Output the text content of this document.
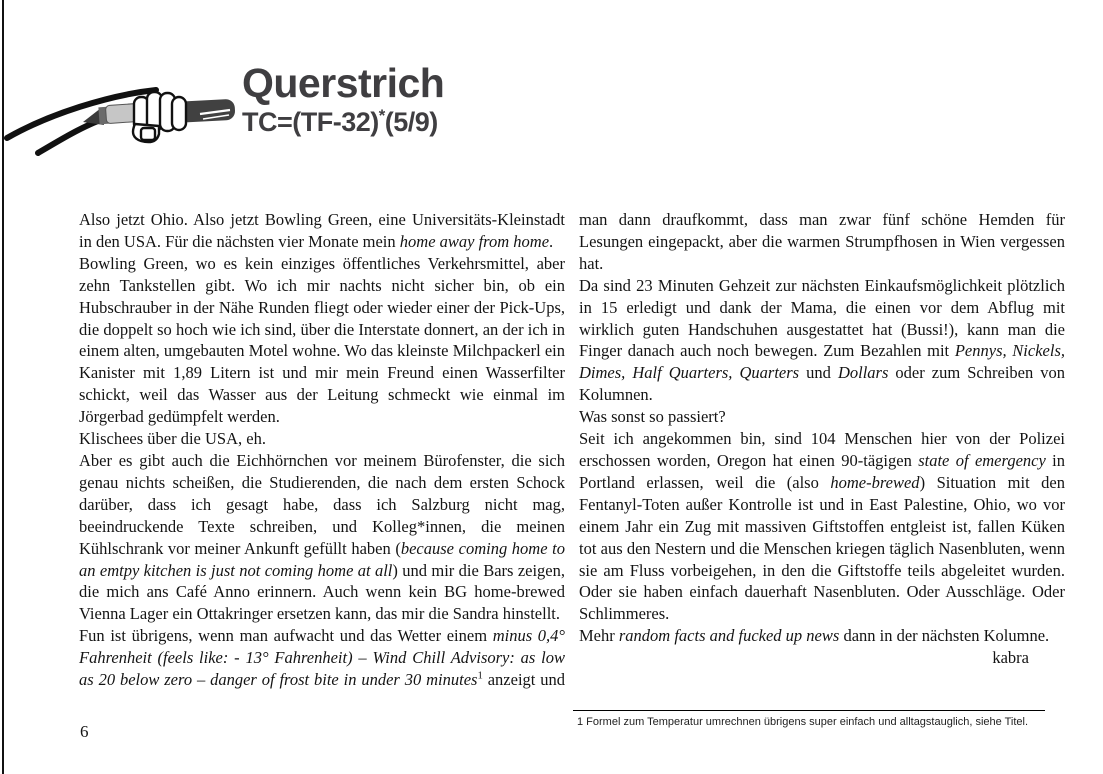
Querstrich
TC=(TF-32)*(5/9)

Also jetzt Ohio. Also jetzt Bowling Green, eine Universitäts-Kleinstadt in den USA. Für die nächsten vier Monate mein home away from home.

Bowling Green, wo es kein einziges öffentliches Verkehrsmittel, aber zehn Tankstellen gibt. Wo ich mir nachts nicht sicher bin, ob ein Hubschrauber in der Nähe Runden fliegt oder wieder einer der Pick-Ups, die doppelt so hoch wie ich sind, über die Interstate donnert, an der ich in einem alten, umgebauten Motel wohne. Wo das kleinste Milchpackerl ein Kanister mit 1,89 Litern ist und mir mein Freund einen Wasserfilter schickt, weil das Wasser aus der Leitung schmeckt wie einmal im Jörgerbad gedümpfelt werden.

Klischees über die USA, eh.

Aber es gibt auch die Eichhörnchen vor meinem Bürofenster, die sich genau nichts scheißen, die Studierenden, die nach dem ersten Schock darüber, dass ich gesagt habe, dass ich Salzburg nicht mag, beeindruckende Texte schreiben, und Kolleg*innen, die meinen Kühlschrank vor meiner Ankunft gefüllt haben (because coming home to an emtpy kitchen is just not coming home at all) und mir die Bars zeigen, die mich ans Café Anno erinnern. Auch wenn kein BG home-brewed Vienna Lager ein Ottakringer ersetzen kann, das mir die Sandra hinstellt.

Fun ist übrigens, wenn man aufwacht und das Wetter einem minus 0,4° Fahrenheit (feels like: - 13° Fahrenheit) – Wind Chill Advisory: as low as 20 below zero – danger of frost bite in under 30 minutes$^1$ anzeigt und man dann draufkommt, dass man zwar fünf schöne Hemden für Lesungen eingepackt, aber die warmen Strumpfhosen in Wien vergessen hat.

Da sind 23 Minuten Gehzeit zur nächsten Einkaufsmöglichkeit plötzlich in 15 erledigt und dank der Mama, die einen vor dem Abflug mit wirklich guten Handschuhen ausgestattet hat (Bussi!), kann man die Finger danach auch noch bewegen. Zum Bezahlen mit Pennys, Nickels, Dimes, Half Quarters, Quarters und Dollars oder zum Schreiben von Kolumnen.

Was sonst so passiert?

Seit ich angekommen bin, sind 104 Menschen hier von der Polizei erschossen worden, Oregon hat einen 90-tägigen state of emergency in Portland erlassen, weil die (also home-brewed) Situation mit den Fentanyl-Toten außer Kontrolle ist und in East Palestine, Ohio, wo vor einem Jahr ein Zug mit massiven Giftstoffen entgleist ist, fallen Küken tot aus den Nestern und die Menschen kriegen täglich Nasenbluten, wenn sie am Fluss vorbeigehen, in den die Giftstoffe teils abgeleitet wurden. Oder sie haben einfach dauerhaft Nasenbluten. Oder Ausschläge. Oder Schlimmeres.

Mehr random facts and fucked up news dann in der nächsten Kolumne.

kabra

6	1 Formel zum Temperatur umrechnen übrigens super einfach und alltagstauglich, siehe Titel.
